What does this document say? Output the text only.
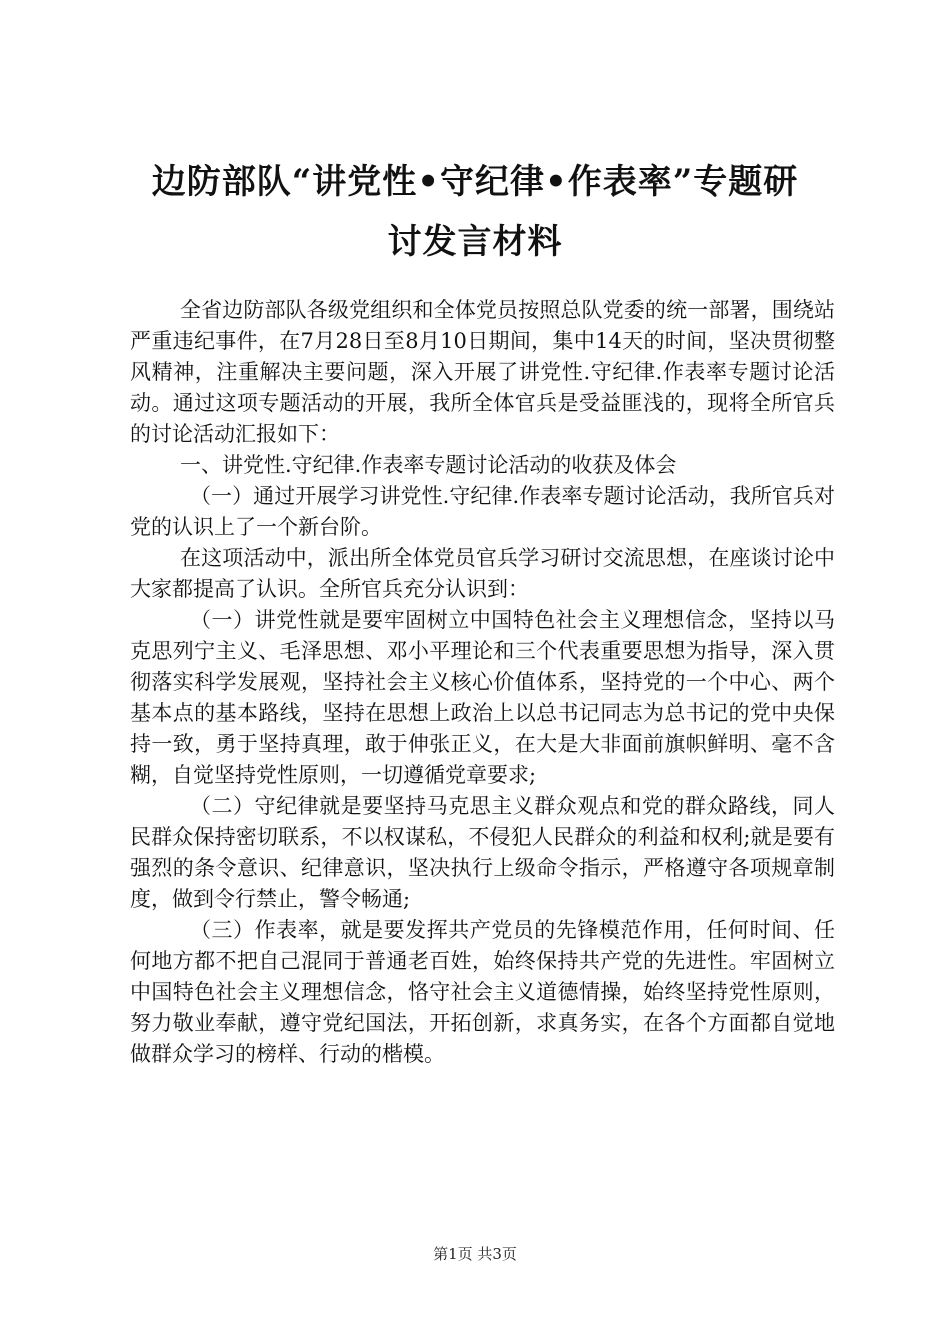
边防部队“讲党性•守纪律•作表率”专题研
讨发言材料

全省边防部队各级党组织和全体党员按照总队党委的统一部署，围绕站严重违纪事件，在7月28日至8月10日期间，集中14天的时间，坚决贯彻整风精神，注重解决主要问题，深入开展了讲党性.守纪律.作表率专题讨论活动。通过这项专题活动的开展，我所全体官兵是受益匪浅的，现将全所官兵的讨论活动汇报如下：

一、讲党性.守纪律.作表率专题讨论活动的收获及体会

（一）通过开展学习讲党性.守纪律.作表率专题讨论活动，我所官兵对党的认识上了一个新台阶。

在这项活动中，派出所全体党员官兵学习研讨交流思想，在座谈讨论中大家都提高了认识。全所官兵充分认识到：

（一）讲党性就是要牢固树立中国特色社会主义理想信念，坚持以马克思列宁主义、毛泽思想、邓小平理论和三个代表重要思想为指导，深入贯彻落实科学发展观，坚持社会主义核心价值体系，坚持党的一个中心、两个基本点的基本路线，坚持在思想上政治上以总书记同志为总书记的党中央保持一致，勇于坚持真理，敢于伸张正义，在大是大非面前旗帜鲜明、毫不含糊，自觉坚持党性原则，一切遵循党章要求;

（二）守纪律就是要坚持马克思主义群众观点和党的群众路线，同人民群众保持密切联系，不以权谋私，不侵犯人民群众的利益和权利;就是要有强烈的条令意识、纪律意识，坚决执行上级命令指示，严格遵守各项规章制度，做到令行禁止，警令畅通;

（三）作表率，就是要发挥共产党员的先锋模范作用，任何时间、任何地方都不把自己混同于普通老百姓，始终保持共产党的先进性。牢固树立中国特色社会主义理想信念，恪守社会主义道德情操，始终坚持党性原则，努力敬业奉献，遵守党纪国法，开拓创新，求真务实，在各个方面都自觉地做群众学习的榜样、行动的楷模。

第1页 共3页
